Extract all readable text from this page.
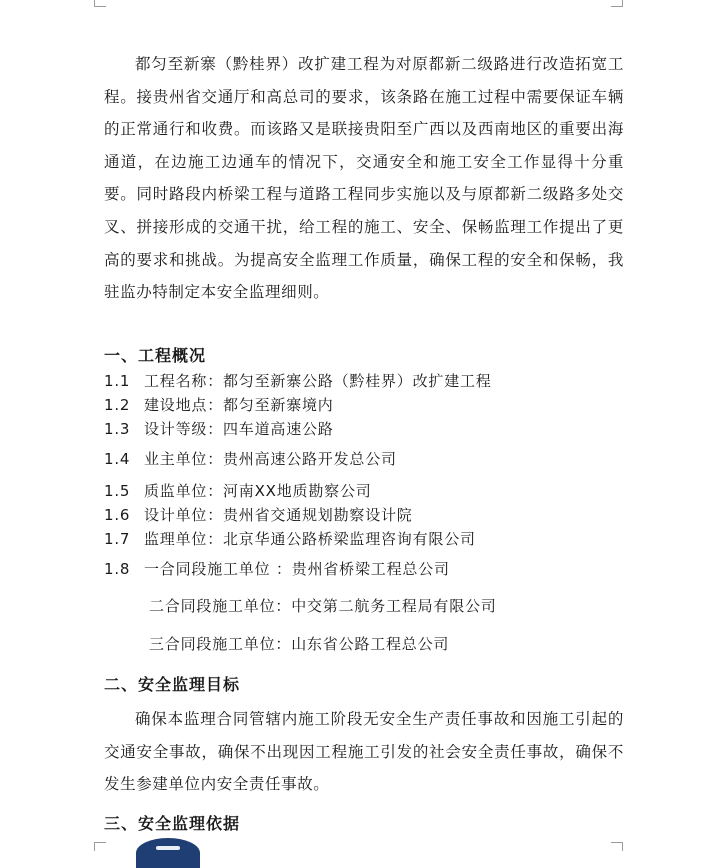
都匀至新寨（黔桂界）改扩建工程为对原都新二级路进行改造拓宽工程。接贵州省交通厅和高总司的要求，该条路在施工过程中需要保证车辆的正常通行和收费。而该路又是联接贵阳至广西以及西南地区的重要出海通道，在边施工边通车的情况下，交通安全和施工安全工作显得十分重要。同时路段内桥梁工程与道路工程同步实施以及与原都新二级路多处交叉、拼接形成的交通干扰，给工程的施工、安全、保畅监理工作提出了更高的要求和挑战。为提高安全监理工作质量，确保工程的安全和保畅，我驻监办特制定本安全监理细则。

一、工程概况
1.1 工程名称：都匀至新寨公路（黔桂界）改扩建工程
1.2 建设地点：都匀至新寨境内
1.3 设计等级：四车道高速公路
1.4 业主单位：贵州高速公路开发总公司
1.5 质监单位：河南XX地质勘察公司
1.6 设计单位：贵州省交通规划勘察设计院
1.7 监理单位：北京华通公路桥梁监理咨询有限公司
1.8 一合同段施工单位 ：贵州省桥梁工程总公司
二合同段施工单位：中交第二航务工程局有限公司
三合同段施工单位：山东省公路工程总公司
二、安全监理目标

确保本监理合同管辖内施工阶段无安全生产责任事故和因施工引起的交通安全事故，确保不出现因工程施工引发的社会安全责任事故，确保不发生参建单位内安全责任事故。

三、安全监理依据
